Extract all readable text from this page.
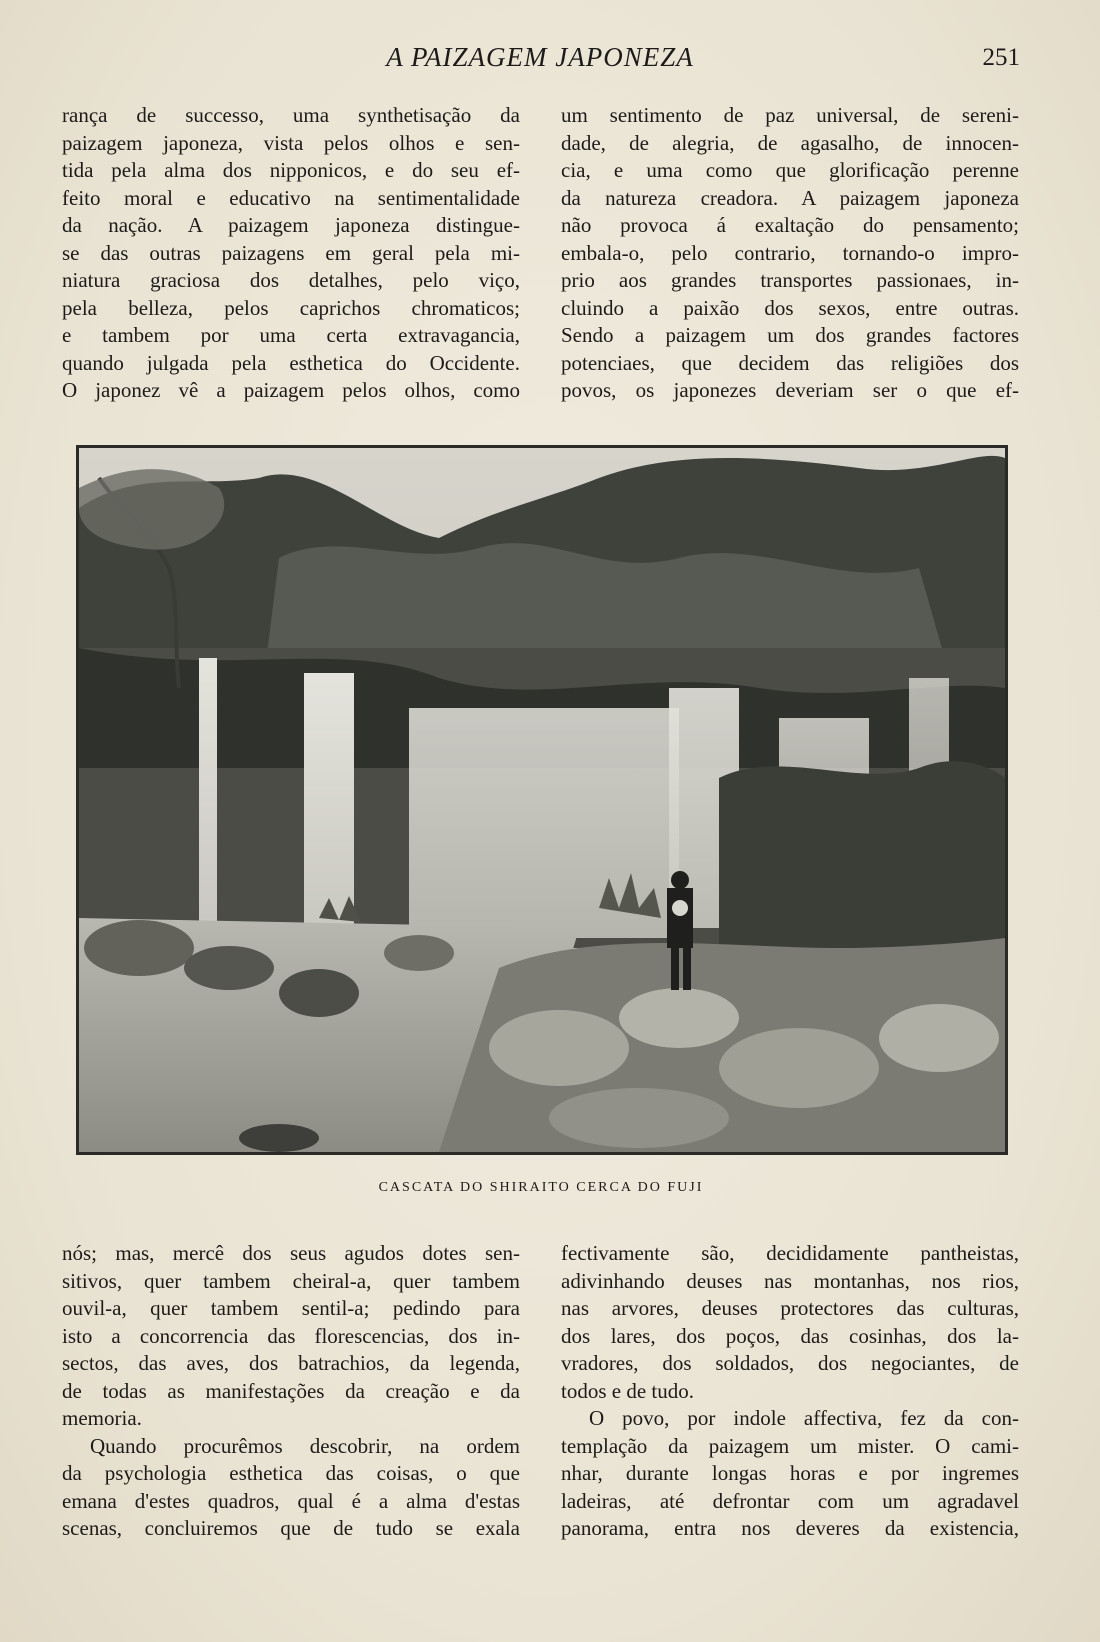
A PAIZAGEM JAPONEZA	251
rança de successo, uma synthetisação da
paizagem japoneza, vista pelos olhos e sen-
tida pela alma dos nipponicos, e do seu ef-
feito moral e educativo na sentimentalidade
da nação. A paizagem japoneza distingue-
se das outras paizagens em geral pela mi-
niatura graciosa dos detalhes, pelo viço,
pela belleza, pelos caprichos chromaticos;
e tambem por uma certa extravagancia,
quando julgada pela esthetica do Occidente.
O japonez vê a paizagem pelos olhos, como
um sentimento de paz universal, de sereni-
dade, de alegria, de agasalho, de innocen-
cia, e uma como que glorificação perenne
da natureza creadora. A paizagem japoneza
não provoca á exaltação do pensamento;
embala-o, pelo contrario, tornando-o impro-
prio aos grandes transportes passionaes, in-
cluindo a paixão dos sexos, entre outras.
Sendo a paizagem um dos grandes factores
potenciaes, que decidem das religiões dos
povos, os japonezes deveriam ser o que ef-
CASCATA DO SHIRAITO CERCA DO FUJI
nós; mas, mercê dos seus agudos dotes sen-
sitivos, quer tambem cheiral-a, quer tambem
ouvil-a, quer tambem sentil-a; pedindo para
isto a concorrencia das florescencias, dos in-
sectos, das aves, dos batrachios, da legenda,
de todas as manifestações da creação e da
memoria.
Quando procurêmos descobrir, na ordem
da psychologia esthetica das coisas, o que
emana d'estes quadros, qual é a alma d'estas
scenas, concluiremos que de tudo se exala
fectivamente são, decididamente pantheistas,
adivinhando deuses nas montanhas, nos rios,
nas arvores, deuses protectores das culturas,
dos lares, dos poços, das cosinhas, dos la-
vradores, dos soldados, dos negociantes, de
todos e de tudo.
O povo, por indole affectiva, fez da con-
templação da paizagem um mister. O cami-
nhar, durante longas horas e por ingremes
ladeiras, até defrontar com um agradavel
panorama, entra nos deveres da existencia,
